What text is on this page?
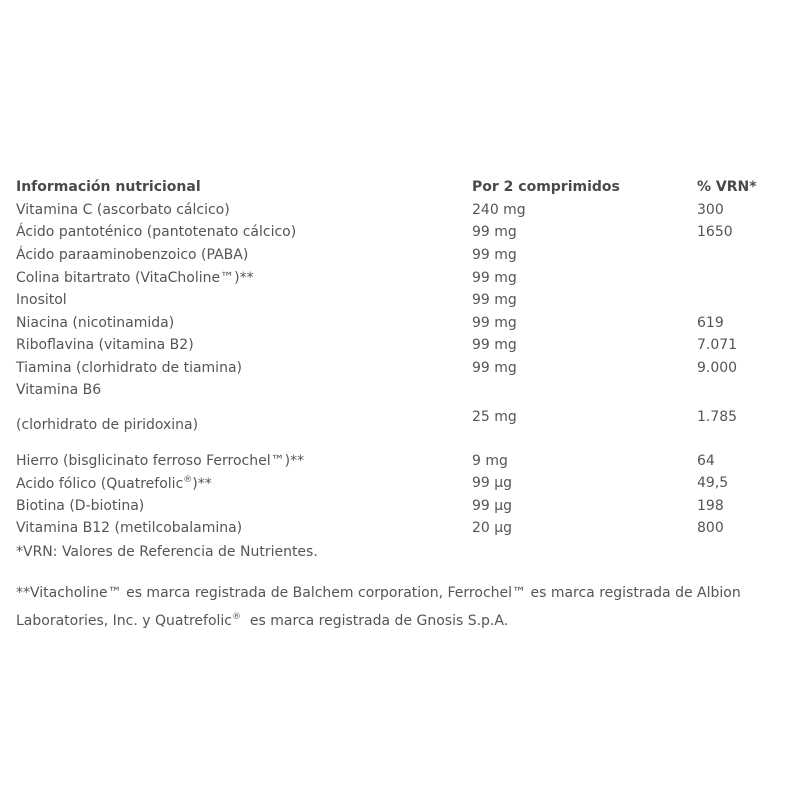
Información nutricional	Por 2 comprimidos	% VRN*
Vitamina C (ascorbato cálcico)	240 mg	300
Ácido pantoténico (pantotenato cálcico)	99 mg	1650
Ácido paraaminobenzoico (PABA)	99 mg
Colina bitartrato (VitaCholine™)**	99 mg
Inositol	99 mg
Niacina (nicotinamida)	99 mg	619
Riboflavina (vitamina B2)	99 mg	7.071
Tiamina (clorhidrato de tiamina)	99 mg	9.000
Vitamina B6
(clorhidrato de piridoxina)	25 mg	1.785
Hierro (bisglicinato ferroso Ferrochel™)**	9 mg	64
Acido fólico (Quatrefolic®)**	99 µg	49,5
Biotina (D-biotina)	99 µg	198
Vitamina B12 (metilcobalamina)	20 µg	800
*VRN: Valores de Referencia de Nutrientes.
**Vitacholine™ es marca registrada de Balchem corporation, Ferrochel™ es marca registrada de Albion
Laboratories, Inc. y Quatrefolic®  es marca registrada de Gnosis S.p.A.
